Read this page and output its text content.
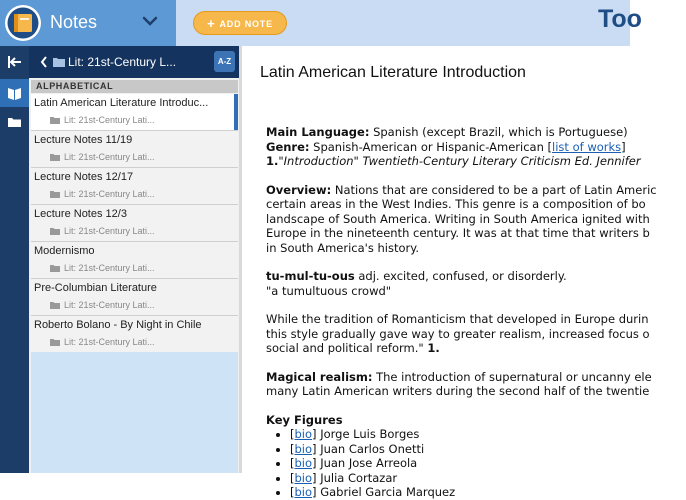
Notes	+ ADD NOTE	Too
Lit: 21st-Century L...	A-Z
ALPHABETICAL
Latin American Literature Introduc...
Lit: 21st-Century Lati...
Lecture Notes 11/19
Lit: 21st-Century Lati...
Lecture Notes 12/17
Lit: 21st-Century Lati...
Lecture Notes 12/3
Lit: 21st-Century Lati...
Modernismo
Lit: 21st-Century Lati...
Pre-Columbian Literature
Lit: 21st-Century Lati...
Roberto Bolano - By Night in Chile
Lit: 21st-Century Lati...
Latin American Literature Introduction

Main Language: Spanish (except Brazil, which is Portuguese)
Genre: Spanish-American or Hispanic-American [list of works]
1."Introduction" Twentieth-Century Literary Criticism Ed. Jennifer

Overview: Nations that are considered to be a part of Latin Americ
certain areas in the West Indies. This genre is a composition of bo
landscape of South America. Writing in South America ignited with
Europe in the nineteenth century. It was at that time that writers b
in South America's history.

tu-mul-tu-ous adj. excited, confused, or disorderly.
"a tumultuous crowd"

While the tradition of Romanticism that developed in Europe durin
this style gradually gave way to greater realism, increased focus o
social and political reform." 1.

Magical realism: The introduction of supernatural or uncanny ele
many Latin American writers during the second half of the twentie

Key Figures

• [bio] Jorge Luis Borges
• [bio] Juan Carlos Onetti
• [bio] Juan Jose Arreola
• [bio] Julia Cortazar
• [bio] Gabriel Garcia Marquez
